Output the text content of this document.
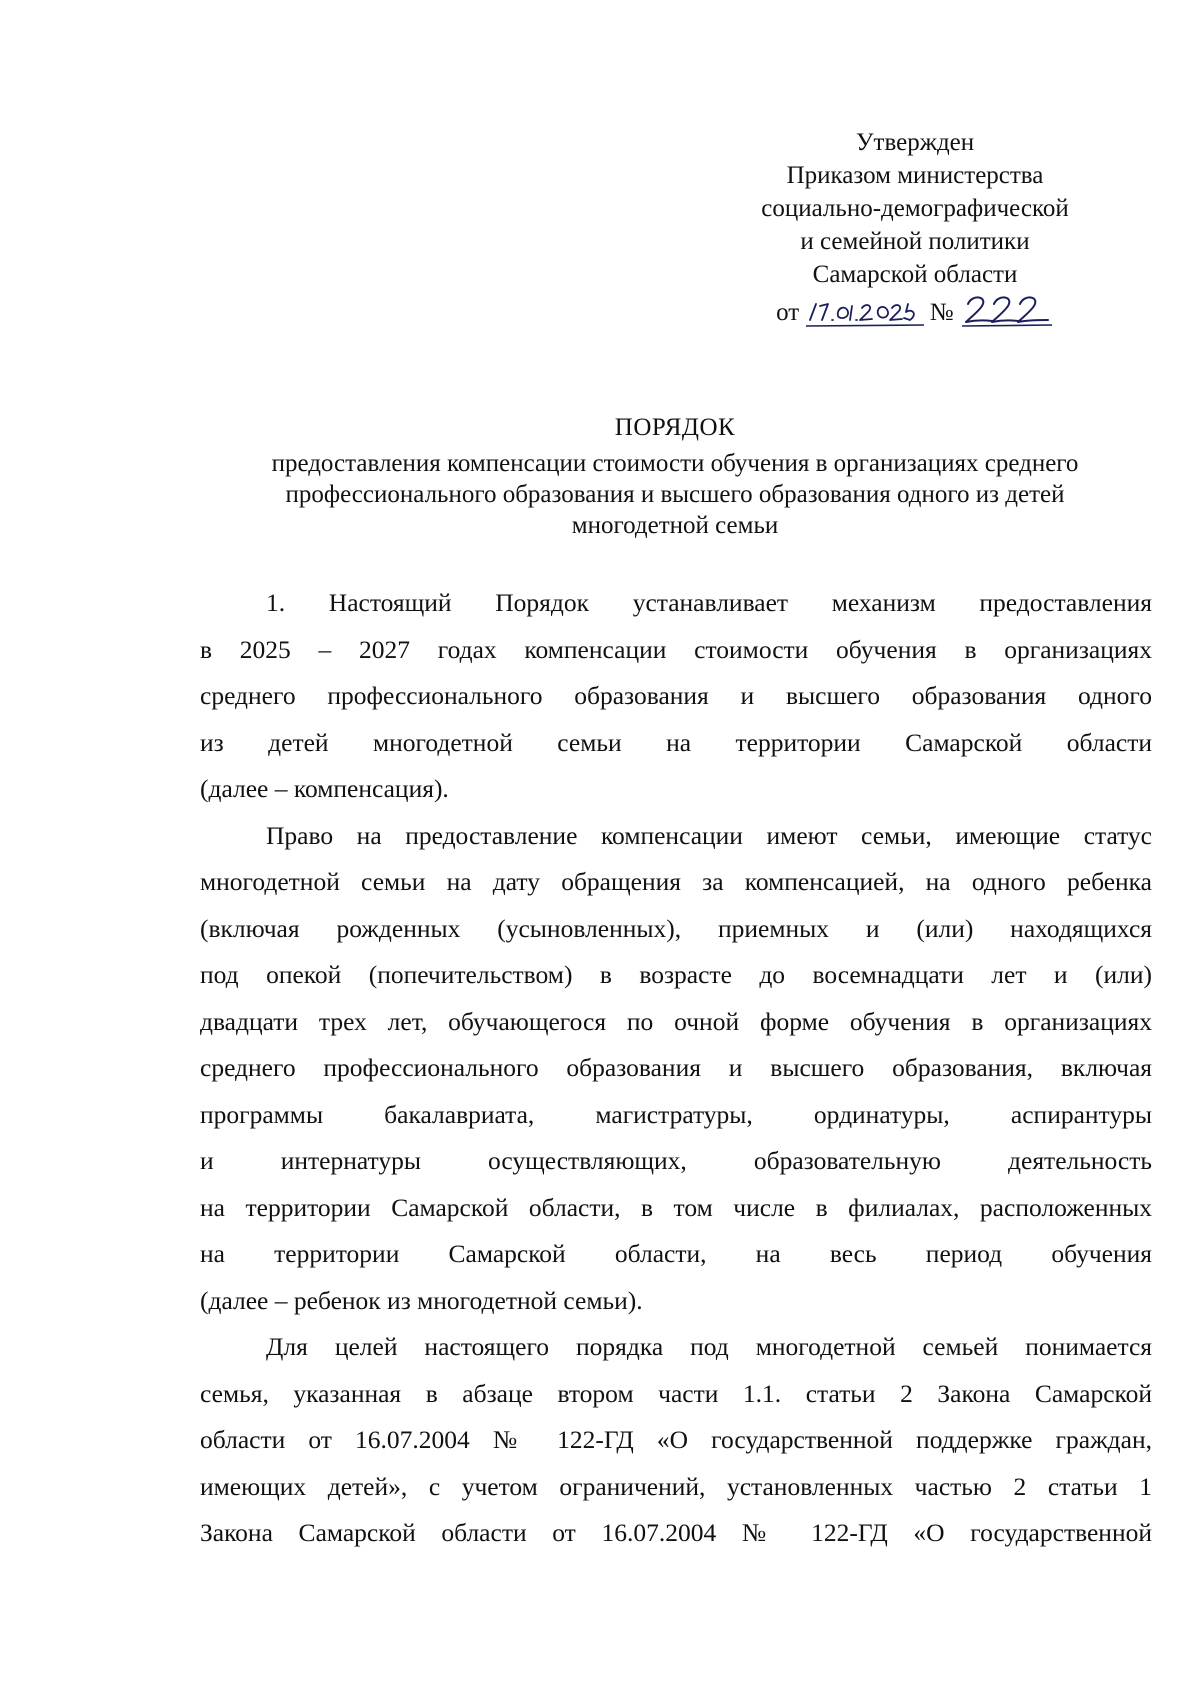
Утвержден
Приказом министерства
социально-демографической
и семейной политики
Самарской области
от	№
ПОРЯДОК
предоставления компенсации стоимости обучения в организациях среднего
профессионального образования и высшего образования одного из детей
многодетной семьи
1. Настоящий Порядок устанавливает механизм предоставления
в 2025 – 2027 годах компенсации стоимости обучения в организациях
среднего профессионального образования и высшего образования одного
из детей многодетной семьи на территории Самарской области
(далее – компенсация).
Право на предоставление компенсации имеют семьи, имеющие статус
многодетной семьи на дату обращения за компенсацией, на одного ребенка
(включая рожденных (усыновленных), приемных и (или) находящихся
под опекой (попечительством) в возрасте до восемнадцати лет и (или)
двадцати трех лет, обучающегося по очной форме обучения в организациях
среднего профессионального образования и высшего образования, включая
программы бакалавриата, магистратуры, ординатуры, аспирантуры
и интернатуры осуществляющих, образовательную деятельность
на территории Самарской области, в том числе в филиалах, расположенных
на территории Самарской области, на весь период обучения
(далее – ребенок из многодетной семьи).
Для целей настоящего порядка под многодетной семьей понимается
семья, указанная в абзаце втором части 1.1. статьи 2 Закона Самарской
области от 16.07.2004 № 122-ГД «О государственной поддержке граждан,
имеющих детей», с учетом ограничений, установленных частью 2 статьи 1
Закона Самарской области от 16.07.2004 № 122-ГД «О государственной
